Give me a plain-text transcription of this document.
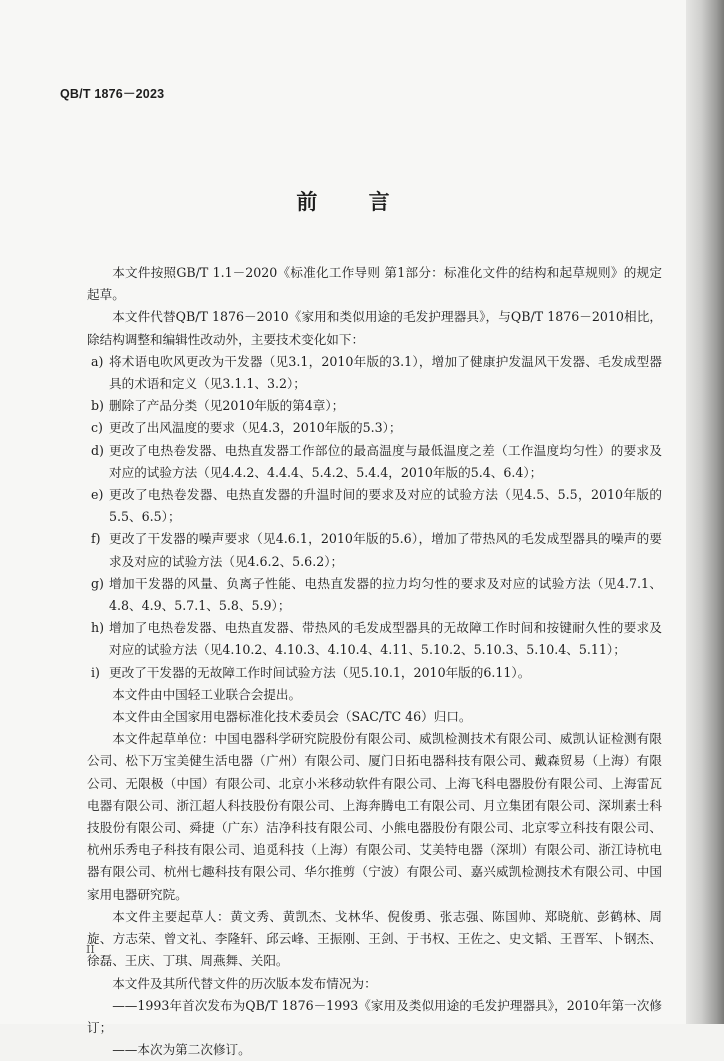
QB/T 1876－2023
前 言

本文件按照GB/T 1.1－2020《标准化工作导则 第1部分：标准化文件的结构和起草规则》的规定起草。

本文件代替QB/T 1876－2010《家用和类似用途的毛发护理器具》，与QB/T 1876－2010相比，除结构调整和编辑性改动外，主要技术变化如下：

a) 将术语电吹风更改为干发器（见3.1，2010年版的3.1），增加了健康护发温风干发器、毛发成型器具的术语和定义（见3.1.1、3.2）；
b) 删除了产品分类（见2010年版的第4章）；
c) 更改了出风温度的要求（见4.3，2010年版的5.3）；
d) 更改了电热卷发器、电热直发器工作部位的最高温度与最低温度之差（工作温度均匀性）的要求及对应的试验方法（见4.4.2、4.4.4、5.4.2、5.4.4，2010年版的5.4、6.4）；
e) 更改了电热卷发器、电热直发器的升温时间的要求及对应的试验方法（见4.5、5.5，2010年版的5.5、6.5）；
f) 更改了干发器的噪声要求（见4.6.1，2010年版的5.6），增加了带热风的毛发成型器具的噪声的要求及对应的试验方法（见4.6.2、5.6.2）；
g) 增加干发器的风量、负离子性能、电热直发器的拉力均匀性的要求及对应的试验方法（见4.7.1、4.8、4.9、5.7.1、5.8、5.9）；
h) 增加了电热卷发器、电热直发器、带热风的毛发成型器具的无故障工作时间和按键耐久性的要求及对应的试验方法（见4.10.2、4.10.3、4.10.4、4.11、5.10.2、5.10.3、5.10.4、5.11）；
i) 更改了干发器的无故障工作时间试验方法（见5.10.1，2010年版的6.11）。

本文件由中国轻工业联合会提出。

本文件由全国家用电器标准化技术委员会（SAC/TC 46）归口。

本文件起草单位：中国电器科学研究院股份有限公司、威凯检测技术有限公司、威凯认证检测有限公司、松下万宝美健生活电器（广州）有限公司、厦门日拓电器科技有限公司、戴森贸易（上海）有限公司、无限极（中国）有限公司、北京小米移动软件有限公司、上海飞科电器股份有限公司、上海雷瓦电器有限公司、浙江超人科技股份有限公司、上海奔腾电工有限公司、月立集团有限公司、深圳素士科技股份有限公司、舜捷（广东）洁净科技有限公司、小熊电器股份有限公司、北京零立科技有限公司、杭州乐秀电子科技有限公司、追觅科技（上海）有限公司、艾美特电器（深圳）有限公司、浙江诗杭电器有限公司、杭州七趣科技有限公司、华尔推剪（宁波）有限公司、嘉兴威凯检测技术有限公司、中国家用电器研究院。

本文件主要起草人：黄文秀、黄凯杰、戈林华、倪俊勇、张志强、陈国帅、郑晓航、彭鹤林、周旋、方志荣、曾文礼、李隆轩、邱云峰、王振刚、王剑、于书权、王佐之、史文韬、王晋军、卜钢杰、徐磊、王庆、丁琪、周燕舞、关阳。

本文件及其所代替文件的历次版本发布情况为：

——1993年首次发布为QB/T 1876－1993《家用及类似用途的毛发护理器具》，2010年第一次修订；

——本次为第二次修订。

II
